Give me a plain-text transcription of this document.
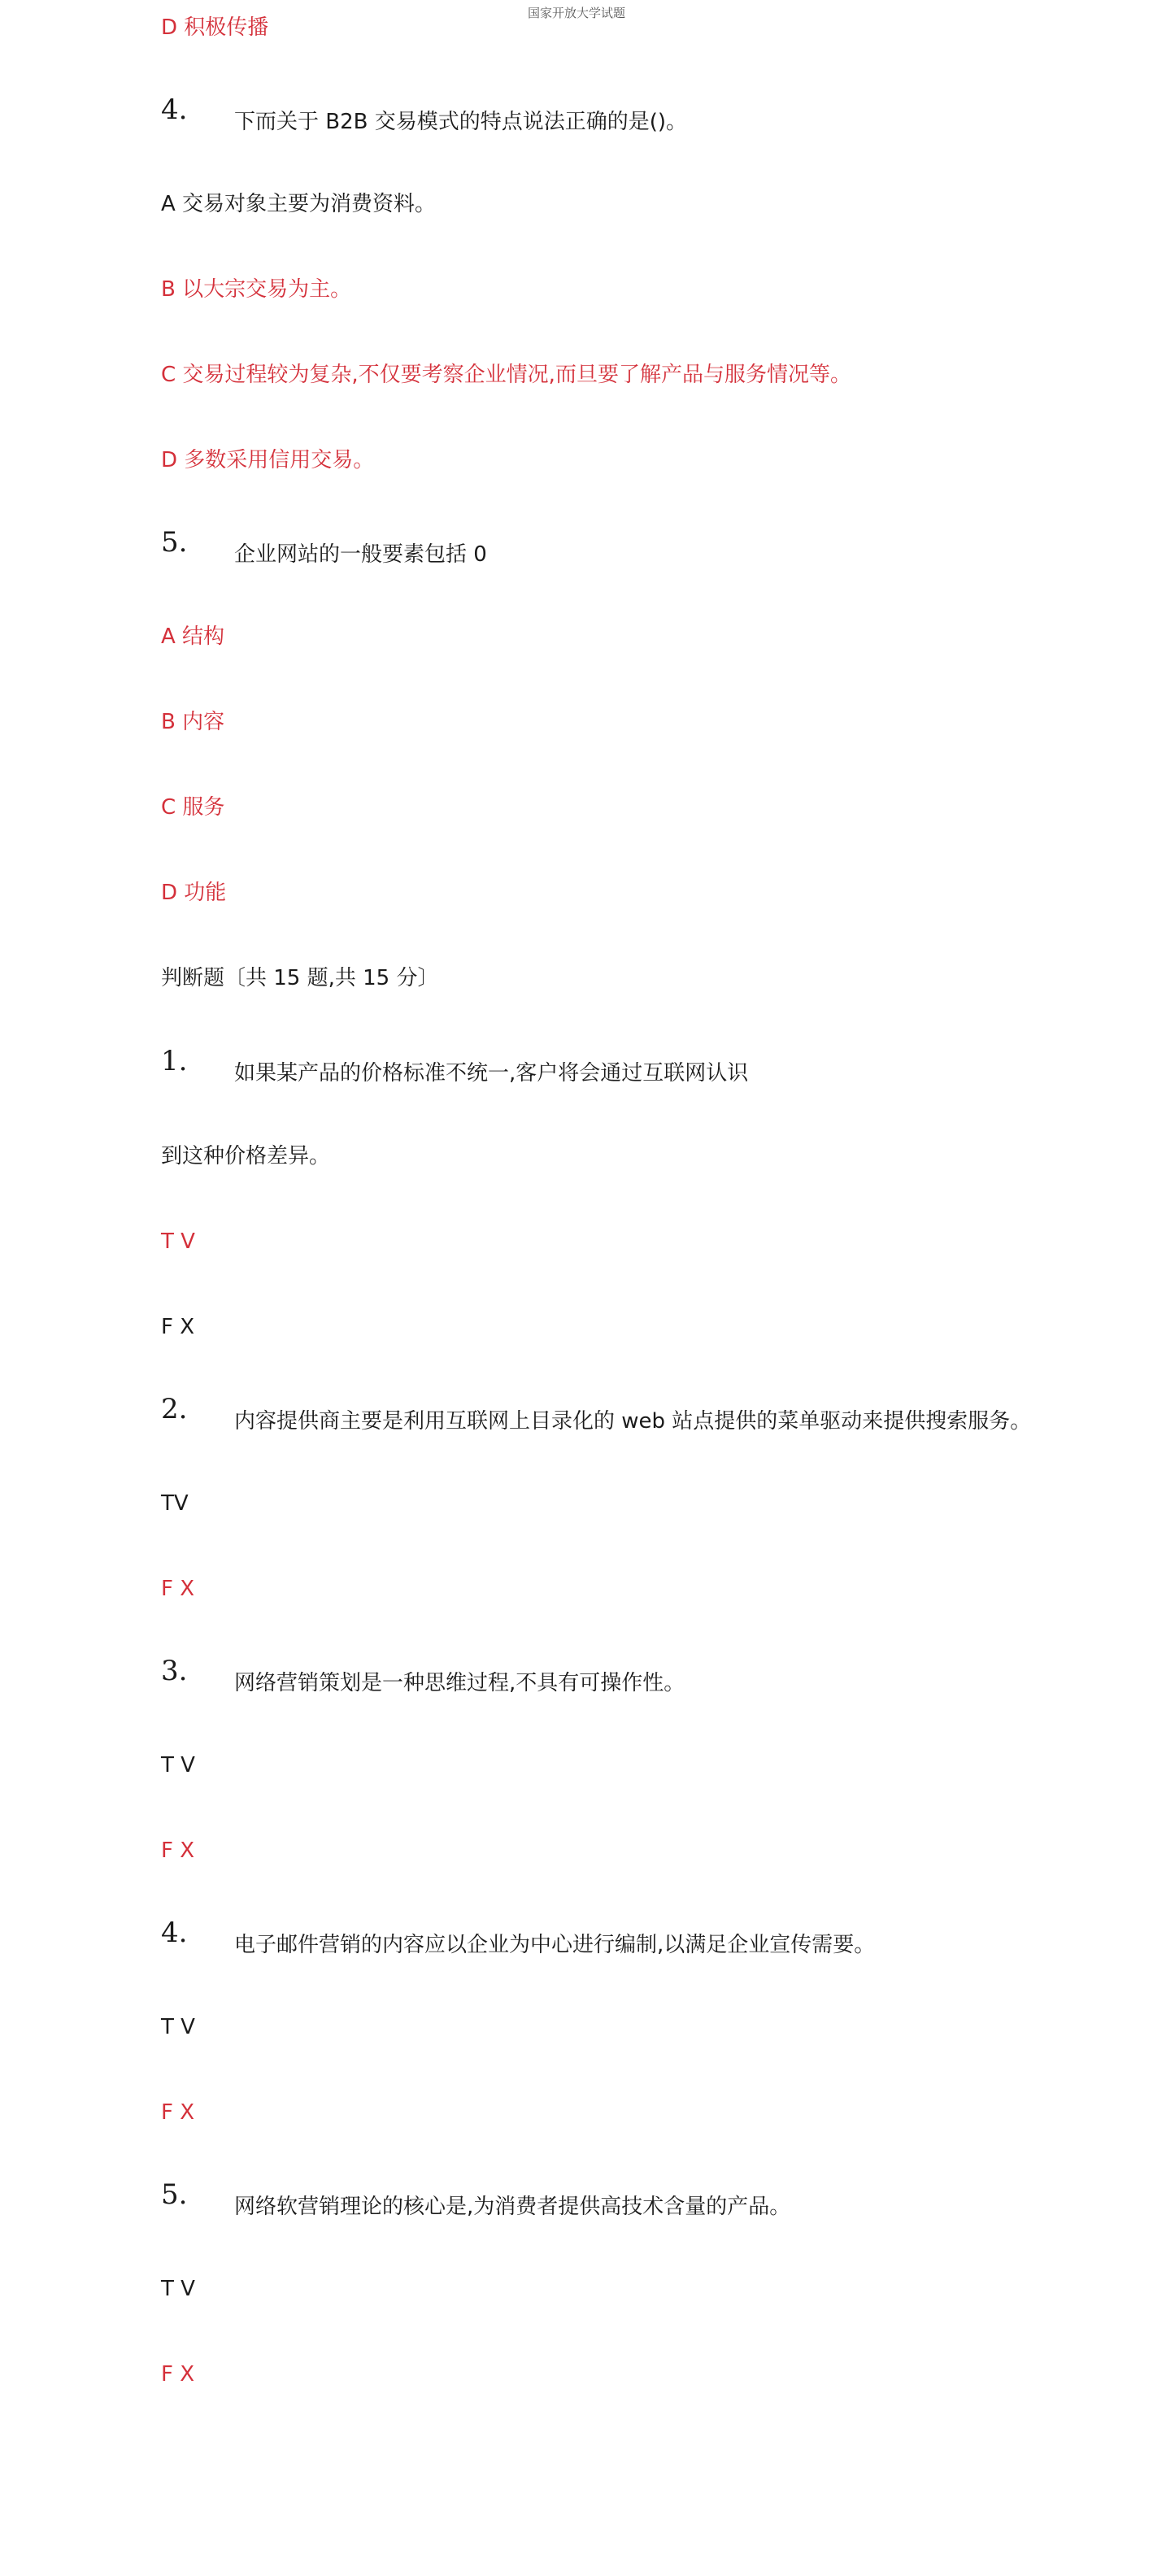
国家开放大学试题
D 积极传播
4. 下而关于 B2B 交易模式的特点说法正确的是()。
A 交易对象主要为消费资料。
B 以大宗交易为主。
C 交易过程较为复杂,不仅要考察企业情况,而旦要了解产品与服务情况等。
D 多数采用信用交易。
5. 企业网站的一般要素包括 0
A 结构
B 内容
C 服务
D 功能
判断题〔共 15 题,共 15 分〕
1. 如果某产品的价格标准不统一,客户将会通过互联网认识
到这种价格差异。
T V
F X
2. 内容提供商主要是利用互联网上目录化的 web 站点提供的菜单驱动来提供搜索服务。
TV
F X
3. 网络营销策划是一种思维过程,不具有可操作性。
T V
F X
4. 电子邮件营销的内容应以企业为中心进行编制,以满足企业宣传需要。
T V
F X
5. 网络软营销理论的核心是,为消费者提供高技术含量的产品。
T V
F X
